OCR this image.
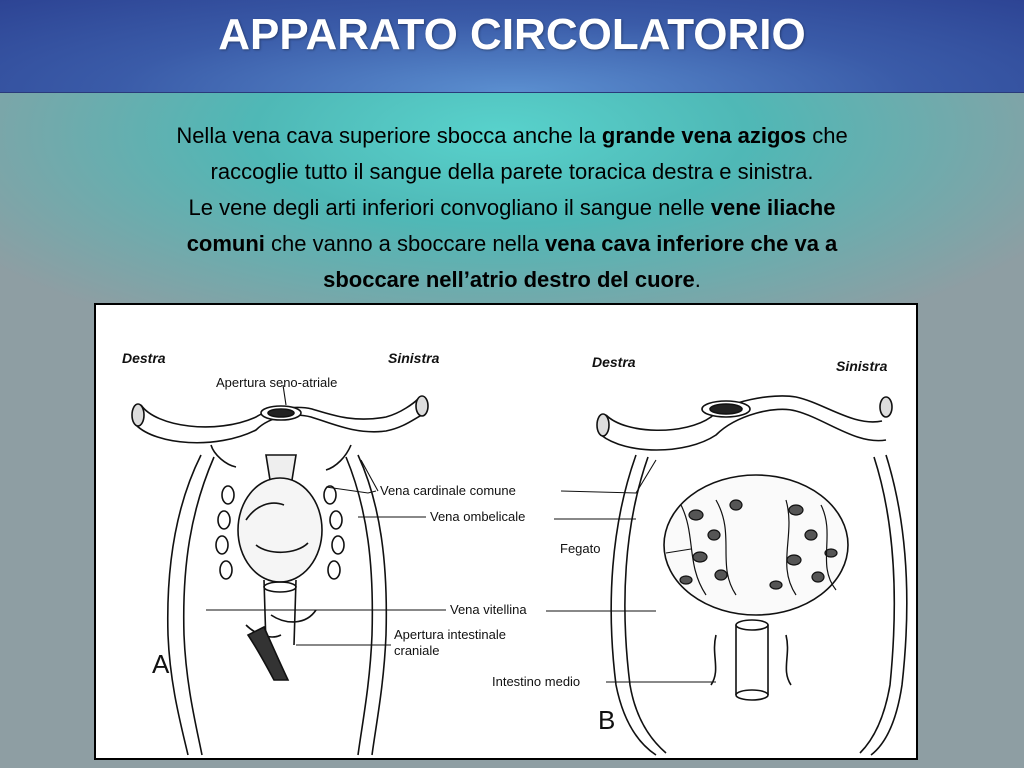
APPARATO CIRCOLATORIO
Nella vena cava superiore sbocca anche la grande vena azigos che
raccoglie tutto il sangue della parete toracica destra e sinistra.
Le vene degli arti inferiori convogliano il sangue nelle vene iliache
comuni che vanno a sboccare nella vena cava inferiore che va a
sboccare nell’atrio destro del cuore.
Destra	Sinistra
Apertura seno-atriale
A
Destra	Sinistra
B
Vena cardinale comune
Vena ombelicale
Fegato
Vena vitellina
Apertura intestinale
craniale
Intestino medio
